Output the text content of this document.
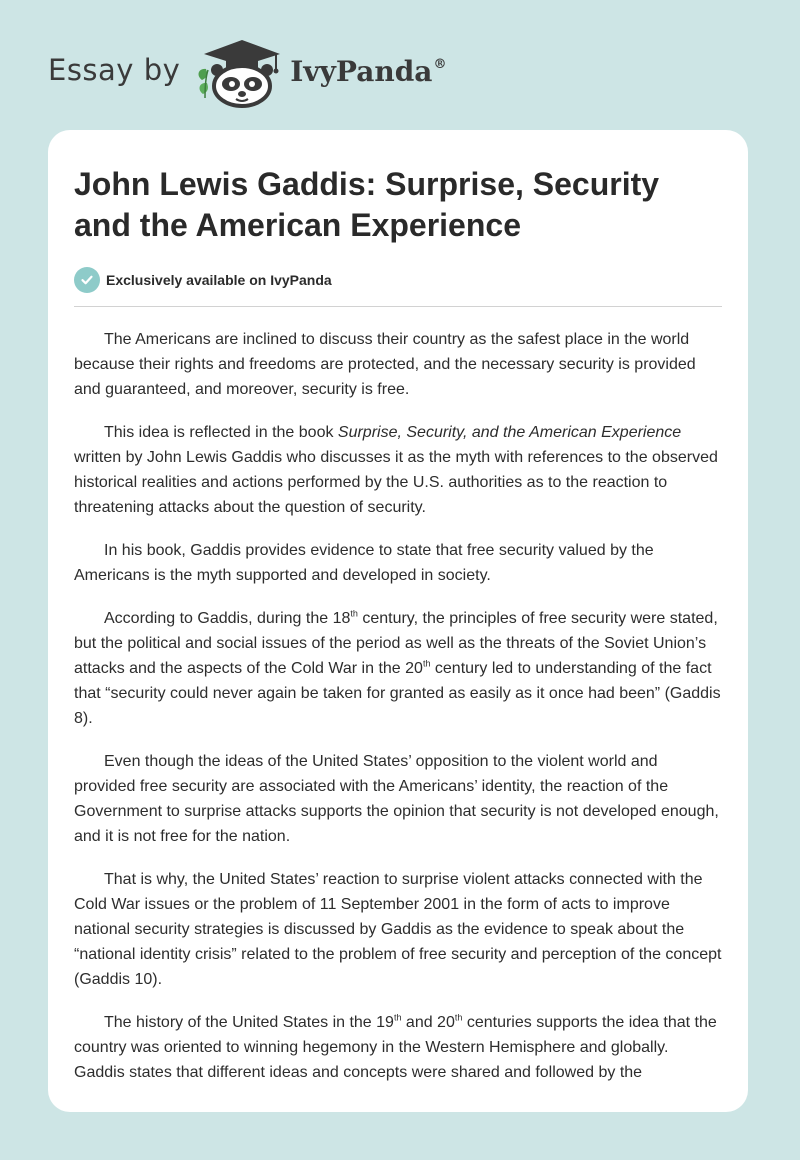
Essay by	IvyPanda®
John Lewis Gaddis: Surprise, Security and the American Experience
Exclusively available on IvyPanda

The Americans are inclined to discuss their country as the safest place in the world because their rights and freedoms are protected, and the necessary security is provided and guaranteed, and moreover, security is free.

This idea is reflected in the book Surprise, Security, and the American Experience written by John Lewis Gaddis who discusses it as the myth with references to the observed historical realities and actions performed by the U.S. authorities as to the reaction to threatening attacks about the question of security.

In his book, Gaddis provides evidence to state that free security valued by the Americans is the myth supported and developed in society.

According to Gaddis, during the 18th century, the principles of free security were stated, but the political and social issues of the period as well as the threats of the Soviet Union’s attacks and the aspects of the Cold War in the 20th century led to understanding of the fact that “security could never again be taken for granted as easily as it once had been” (Gaddis 8).

Even though the ideas of the United States’ opposition to the violent world and provided free security are associated with the Americans’ identity, the reaction of the Government to surprise attacks supports the opinion that security is not developed enough, and it is not free for the nation.

That is why, the United States’ reaction to surprise violent attacks connected with the Cold War issues or the problem of 11 September 2001 in the form of acts to improve national security strategies is discussed by Gaddis as the evidence to speak about the “national identity crisis” related to the problem of free security and perception of the concept (Gaddis 10).

The history of the United States in the 19th and 20th centuries supports the idea that the country was oriented to winning hegemony in the Western Hemisphere and globally. Gaddis states that different ideas and concepts were shared and followed by the
